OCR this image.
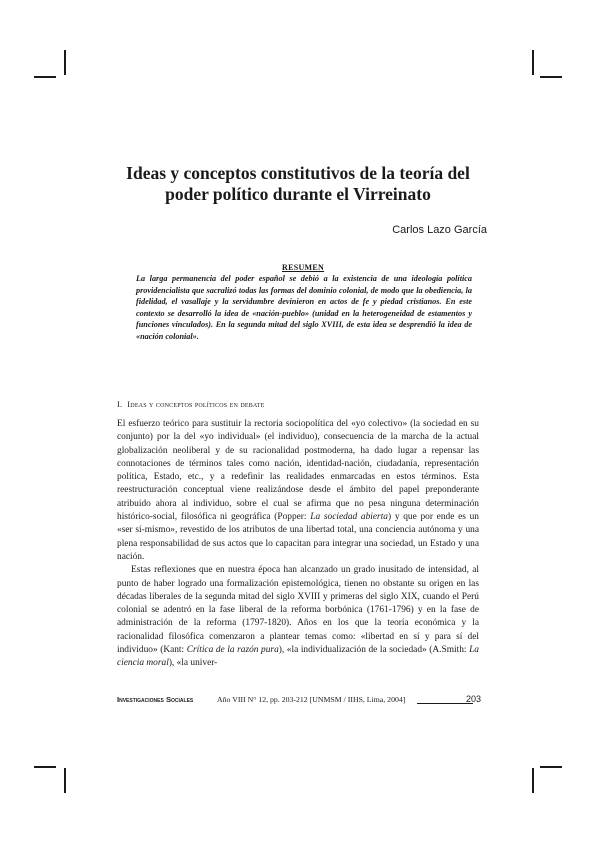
Ideas y conceptos constitutivos de la teoría del poder político durante el Virreinato
Carlos Lazo García
RESUMEN
La larga permanencia del poder español se debió a la existencia de una ideología política providencialista que sacralizó todas las formas del dominio colonial, de modo que la obediencia, la fidelidad, el vasallaje y la servidumbre devinieron en actos de fe y piedad cristianos. En este contexto se desarrolló la idea de «nación-pueblo» (unidad en la heterogeneidad de estamentos y funciones vinculados). En la segunda mitad del siglo XVIII, de esta idea se desprendió la idea de «nación colonial».
I. Ideas y conceptos políticos en debate

El esfuerzo teórico para sustituir la rectoría sociopolítica del «yo colectivo» (la sociedad en su conjunto) por la del «yo individual» (el individuo), consecuencia de la marcha de la actual globalización neoliberal y de su racionalidad postmoderna, ha dado lugar a repensar las connotaciones de términos tales como nación, identidad-nación, ciudadanía, representación política, Estado, etc., y a redefinir las realidades enmarcadas en estos términos. Esta reestructuración conceptual viene realizándose desde el ámbito del papel preponderante atribuido ahora al individuo, sobre el cual se afirma que no pesa ninguna determinación histórico-social, filosófica ni geográfica (Popper: La sociedad abierta) y que por ende es un «ser sí-mismo», revestido de los atributos de una libertad total, una conciencia autónoma y una plena responsabilidad de sus actos que lo capacitan para integrar una sociedad, un Estado y una nación.

Estas reflexiones que en nuestra época han alcanzado un grado inusitado de intensidad, al punto de haber logrado una formalización epistemológica, tienen no obstante su origen en las décadas liberales de la segunda mitad del siglo XVIII y primeras del siglo XIX, cuando el Perú colonial se adentró en la fase liberal de la reforma borbónica (1761-1796) y en la fase de administración de la reforma (1797-1820). Años en los que la teoría económica y la racionalidad filosófica comenzaron a plantear temas como: «libertad en sí y para sí del individuo» (Kant: Crítica de la razón pura), «la individualización de la sociedad» (A.Smith: La ciencia moral), «la univer-

Investigaciones Sociales	Año VIII N° 12, pp. 203-212 [UNMSM / IIHS, Lima, 2004]	203
